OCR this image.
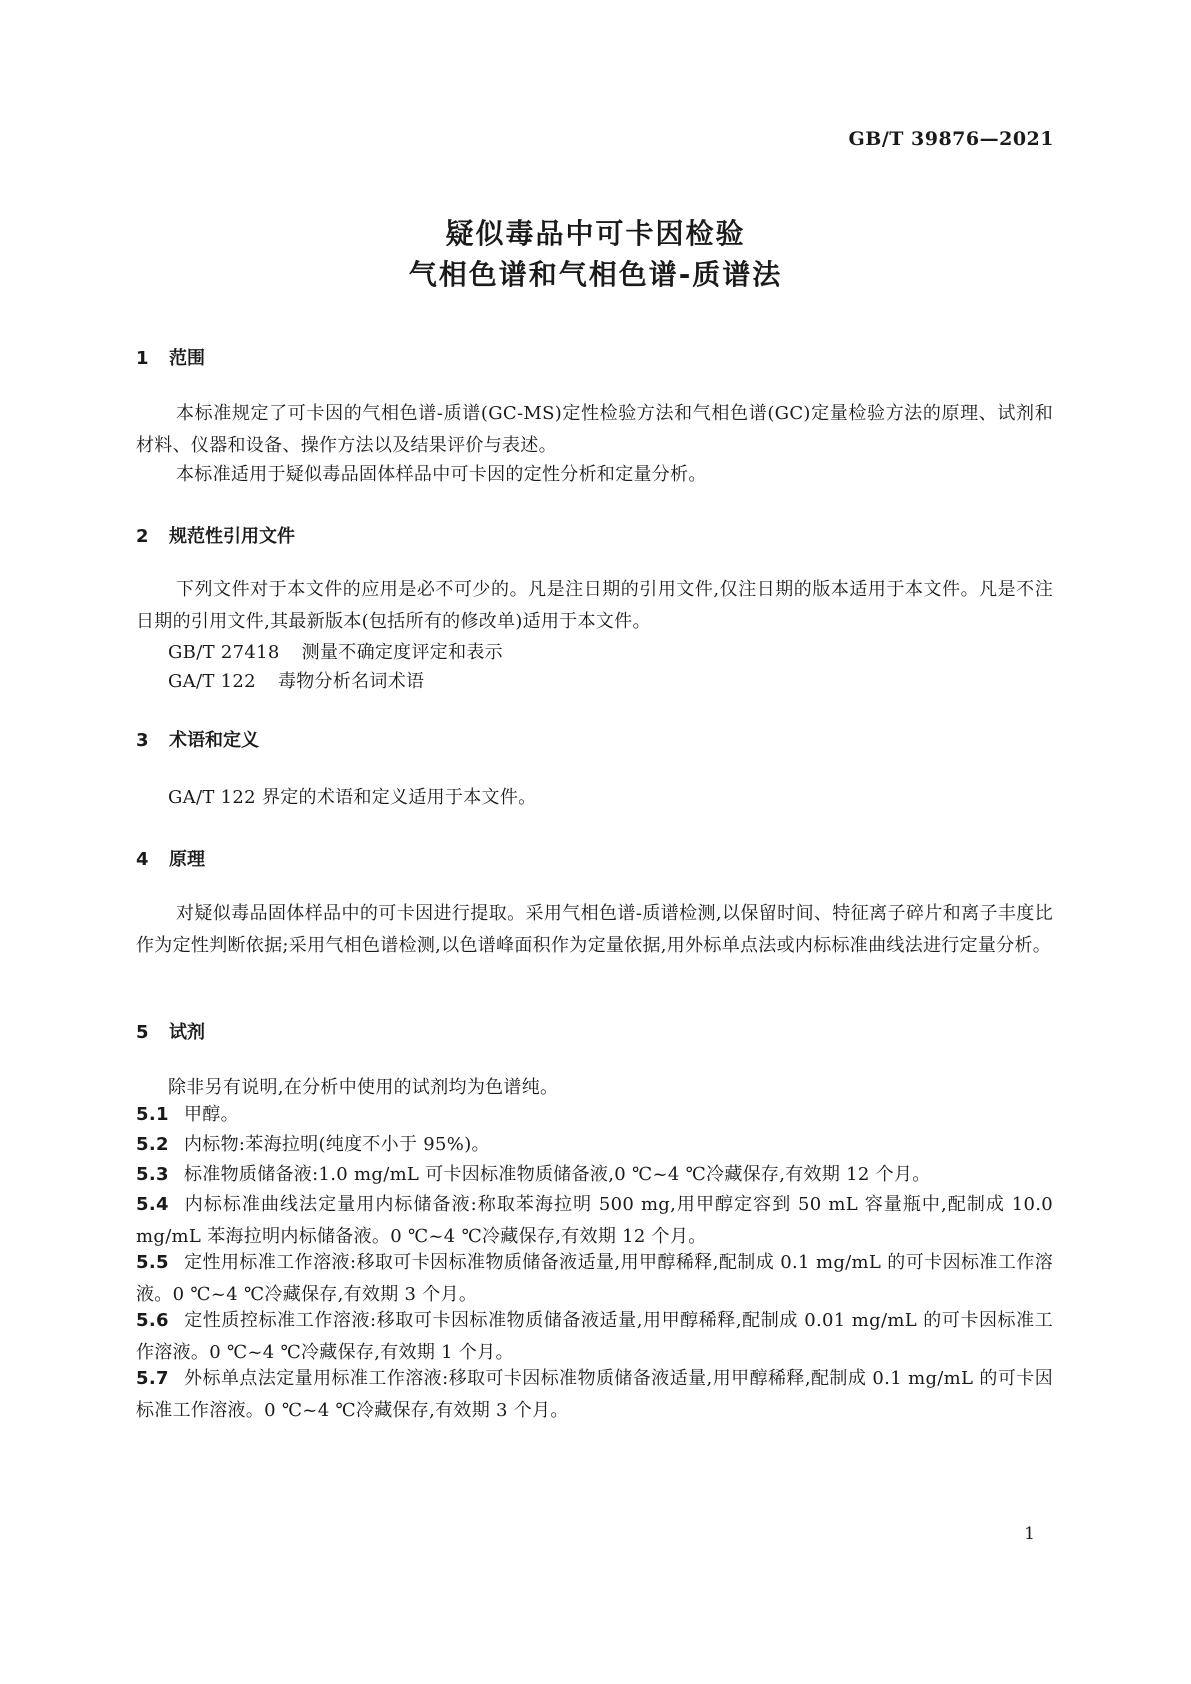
GB/T 39876—2021
疑似毒品中可卡因检验
气相色谱和气相色谱-质谱法
1 范围
本标准规定了可卡因的气相色谱-质谱(GC-MS)定性检验方法和气相色谱(GC)定量检验方法的原理、试剂和材料、仪器和设备、操作方法以及结果评价与表述。
本标准适用于疑似毒品固体样品中可卡因的定性分析和定量分析。
2 规范性引用文件
下列文件对于本文件的应用是必不可少的。凡是注日期的引用文件,仅注日期的版本适用于本文件。凡是不注日期的引用文件,其最新版本(包括所有的修改单)适用于本文件。
GB/T 27418 测量不确定度评定和表示
GA/T 122 毒物分析名词术语
3 术语和定义
GA/T 122 界定的术语和定义适用于本文件。
4 原理
对疑似毒品固体样品中的可卡因进行提取。采用气相色谱-质谱检测,以保留时间、特征离子碎片和离子丰度比作为定性判断依据;采用气相色谱检测,以色谱峰面积作为定量依据,用外标单点法或内标标准曲线法进行定量分析。
5 试剂
除非另有说明,在分析中使用的试剂均为色谱纯。
5.1 甲醇。
5.2 内标物:苯海拉明(纯度不小于 95%)。
5.3 标准物质储备液:1.0 mg/mL 可卡因标准物质储备液,0 ℃~4 ℃冷藏保存,有效期 12 个月。
5.4 内标标准曲线法定量用内标储备液:称取苯海拉明 500 mg,用甲醇定容到 50 mL 容量瓶中,配制成 10.0 mg/mL 苯海拉明内标储备液。0 ℃~4 ℃冷藏保存,有效期 12 个月。
5.5 定性用标准工作溶液:移取可卡因标准物质储备液适量,用甲醇稀释,配制成 0.1 mg/mL 的可卡因标准工作溶液。0 ℃~4 ℃冷藏保存,有效期 3 个月。
5.6 定性质控标准工作溶液:移取可卡因标准物质储备液适量,用甲醇稀释,配制成 0.01 mg/mL 的可卡因标准工作溶液。0 ℃~4 ℃冷藏保存,有效期 1 个月。
5.7 外标单点法定量用标准工作溶液:移取可卡因标准物质储备液适量,用甲醇稀释,配制成 0.1 mg/mL 的可卡因标准工作溶液。0 ℃~4 ℃冷藏保存,有效期 3 个月。
1
